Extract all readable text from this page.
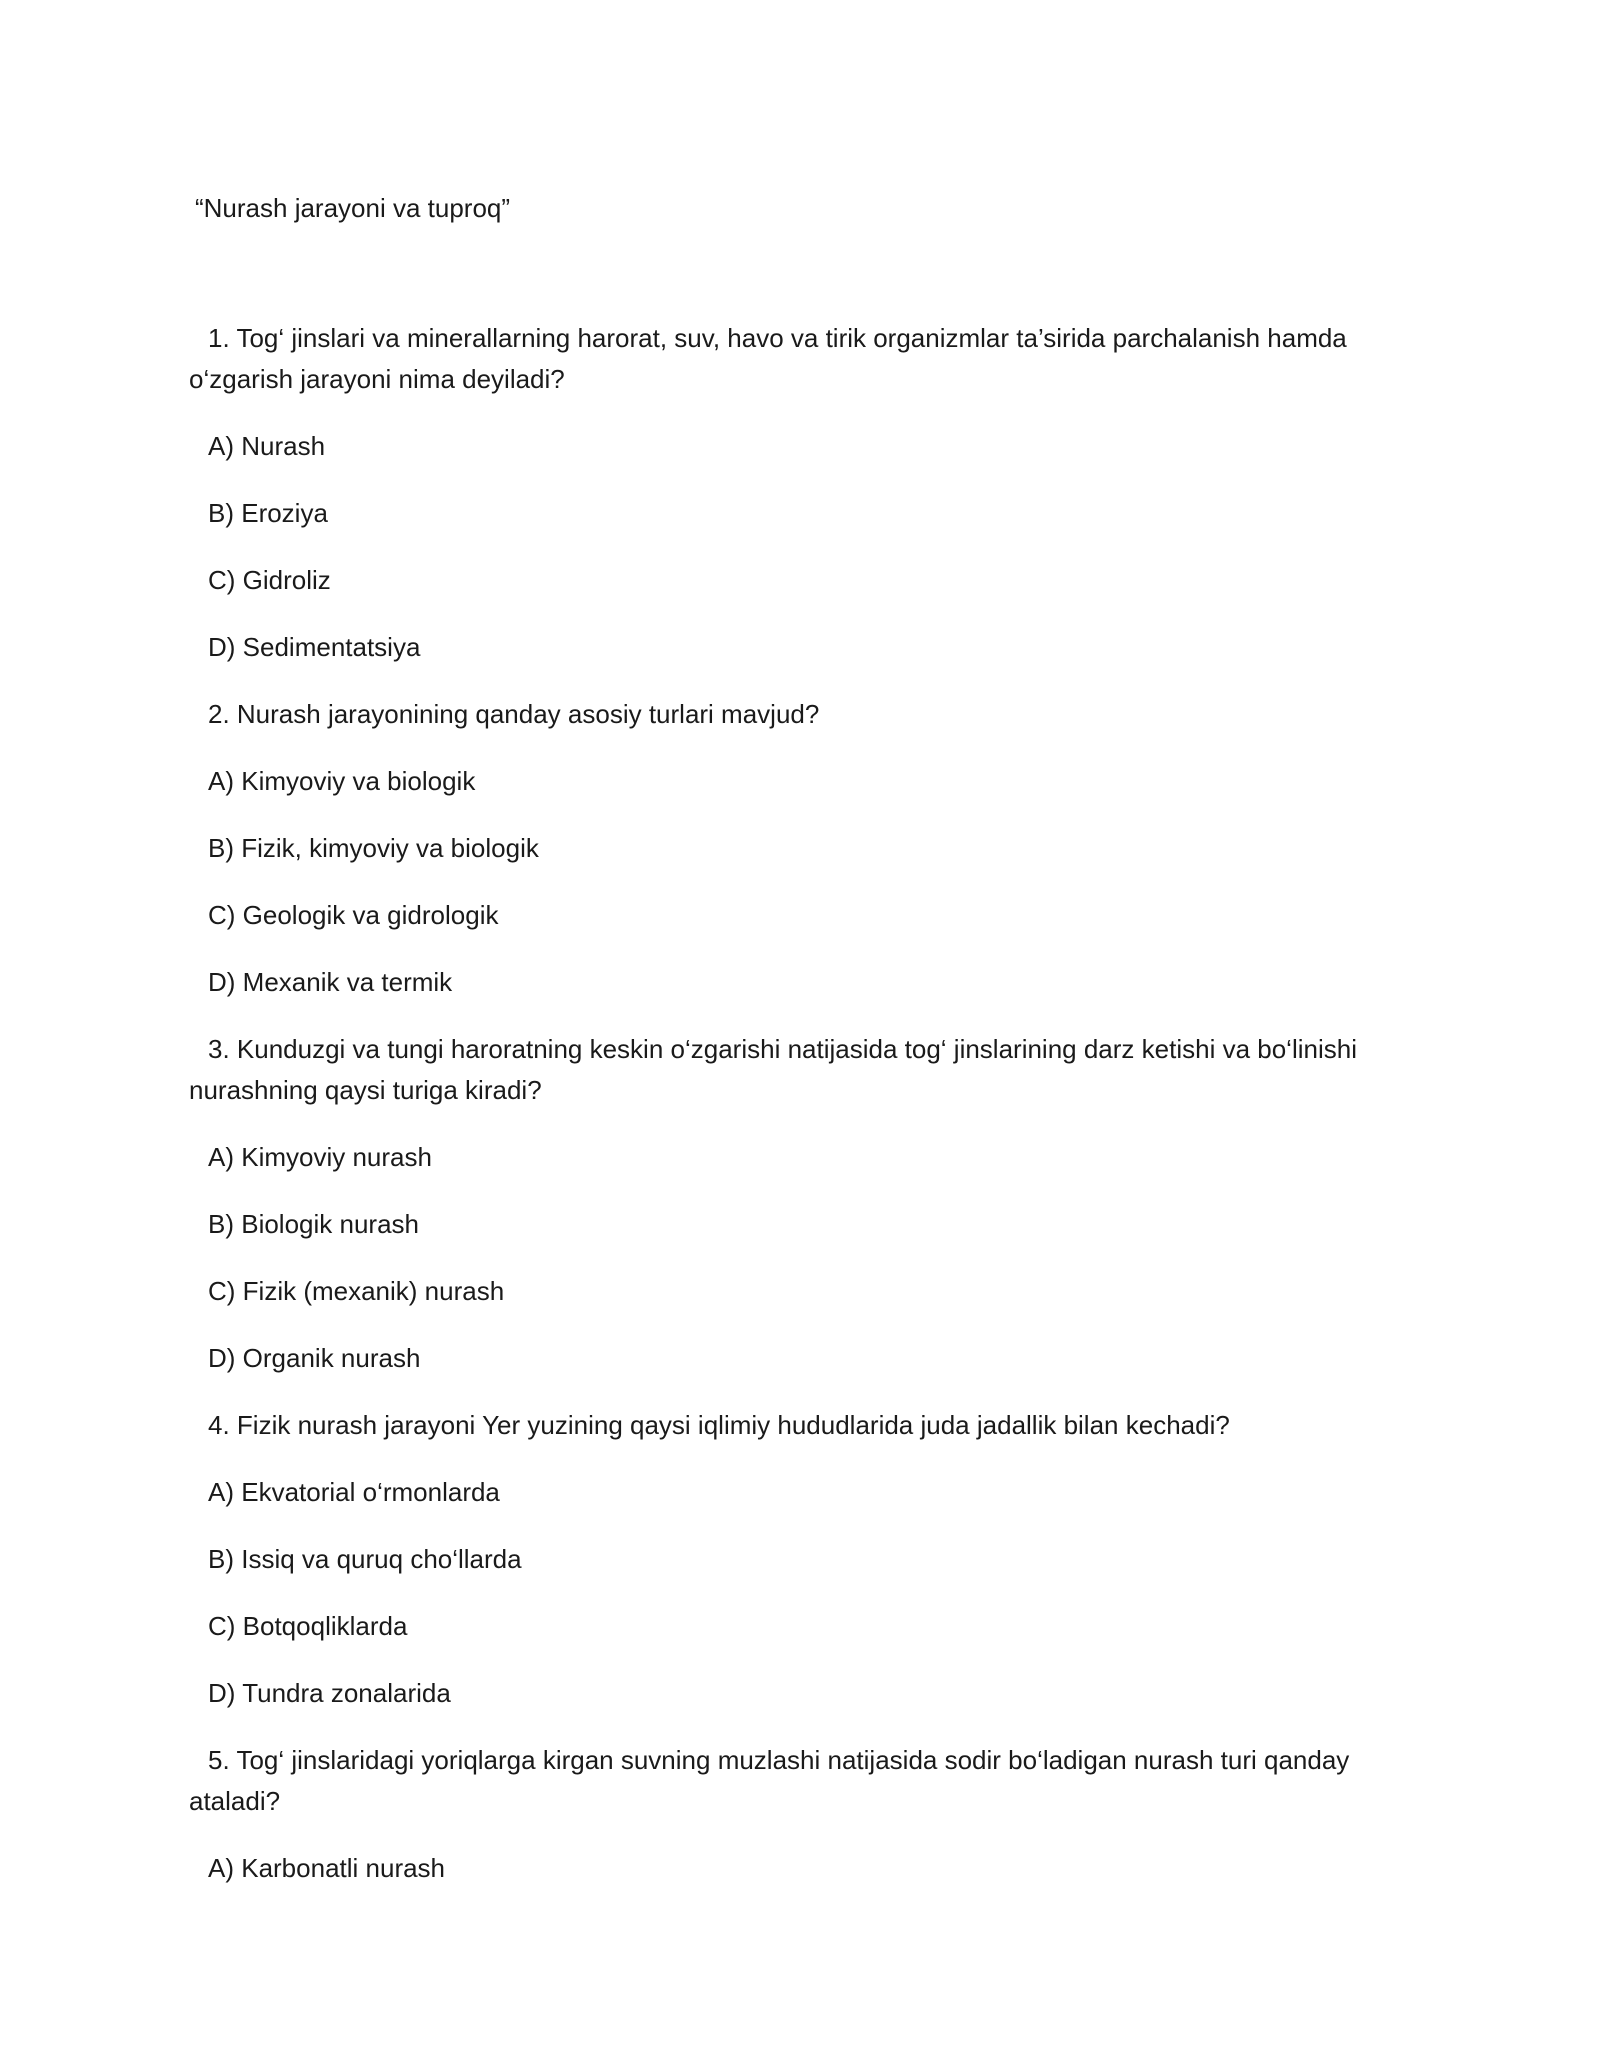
“Nurash jarayoni va tuproq”

1. Tog‘ jinslari va minerallarning harorat, suv, havo va tirik organizmlar ta’sirida parchalanish hamda o‘zgarish jarayoni nima deyiladi?

A) Nurash

B) Eroziya

C) Gidroliz

D) Sedimentatsiya

2. Nurash jarayonining qanday asosiy turlari mavjud?

A) Kimyoviy va biologik

B) Fizik, kimyoviy va biologik

C) Geologik va gidrologik

D) Mexanik va termik

3. Kunduzgi va tungi haroratning keskin o‘zgarishi natijasida tog‘ jinslarining darz ketishi va bo‘linishi nurashning qaysi turiga kiradi?

A) Kimyoviy nurash

B) Biologik nurash

C) Fizik (mexanik) nurash

D) Organik nurash

4. Fizik nurash jarayoni Yer yuzining qaysi iqlimiy hududlarida juda jadallik bilan kechadi?

A) Ekvatorial o‘rmonlarda

B) Issiq va quruq cho‘llarda

C) Botqoqliklarda

D) Tundra zonalarida

5. Tog‘ jinslaridagi yoriqlarga kirgan suvning muzlashi natijasida sodir bo‘ladigan nurash turi qanday ataladi?

A) Karbonatli nurash
